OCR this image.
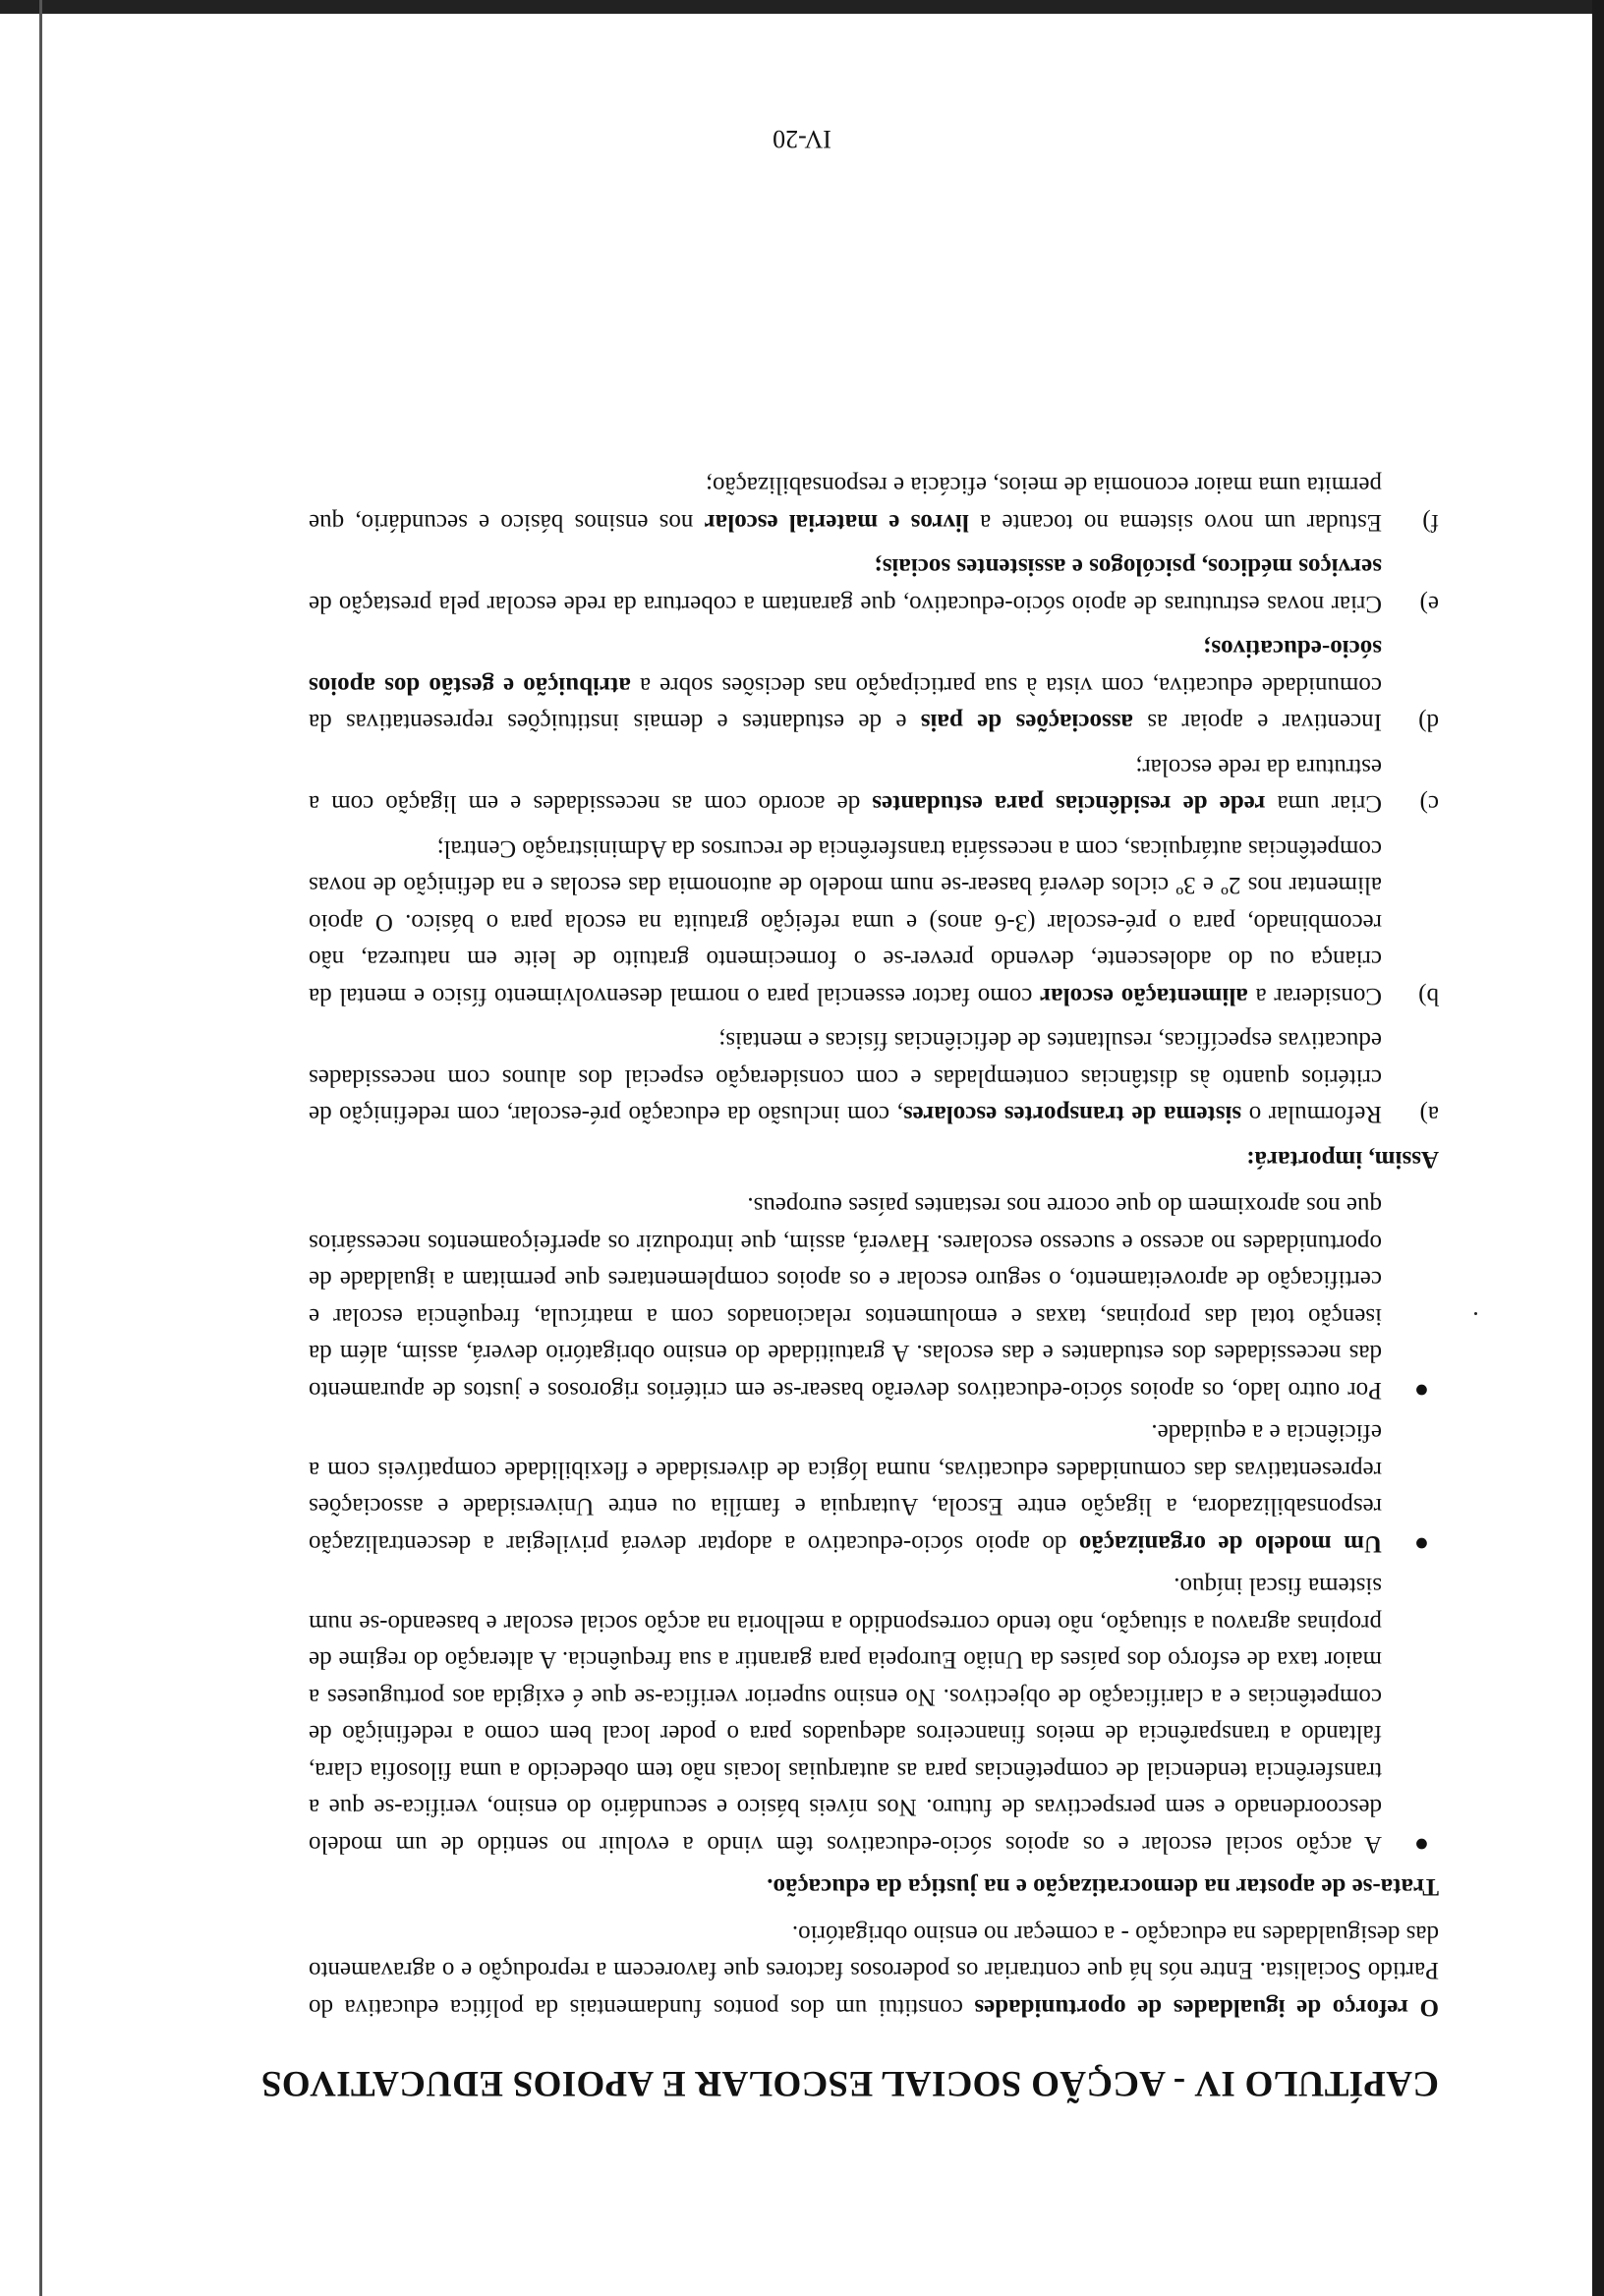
CAPÍTULO IV - ACÇÃO SOCIAL ESCOLAR E APOIOS EDUCATIVOS

O reforço de igualdades de oportunidades constitui um dos pontos fundamentais da política educativa do Partido Socialista. Entre nós há que contrariar os poderosos factores que favorecem a reprodução e o agravamento das desigualdades na educação - a começar no ensino obrigatório.

Trata-se de apostar na democratização e na justiça da educação.

●

A acção social escolar e os apoios sócio-educativos têm vindo a evoluir no sentido de um modelo descoordenado e sem perspectivas de futuro. Nos níveis básico e secundário do ensino, verifica-se que a transferência tendencial de competências para as autarquias locais não tem obedecido a uma filosofia clara, faltando a transparência de meios financeiros adequados para o poder local bem como a redefinição de competências e a clarificação de objectivos. No ensino superior verifica-se que é exigida aos portugueses a maior taxa de esforço dos países da União Europeia para garantir a sua frequência. A alteração do regime de propinas agravou a situação, não tendo correspondido a melhoria na acção social escolar e baseando-se num sistema fiscal iníquo.

●

Um modelo de organização do apoio sócio-educativo a adoptar deverá privilegiar a descentralização responsabilizadora, a ligação entre Escola, Autarquia e família ou entre Universidade e associações representativas das comunidades educativas, numa lógica de diversidade e flexibilidade compatíveis com a eficiência e a equidade.

●

Por outro lado, os apoios sócio-educativos deverão basear-se em critérios rigorosos e justos de apuramento das necessidades dos estudantes e das escolas. A gratuitidade do ensino obrigatório deverá, assim, além da isenção total das propinas, taxas e emolumentos relacionados com a matrícula, frequência escolar e certificação de aproveitamento, o seguro escolar e os apoios complementares que permitam a igualdade de oportunidades no acesso e sucesso escolares. Haverá, assim, que introduzir os aperfeiçoamentos necessários que nos aproximem do que ocorre nos restantes países europeus.

Assim, importará:

a)

Reformular o sistema de transportes escolares, com inclusão da educação pré-escolar, com redefinição de critérios quanto às distâncias contempladas e com consideração especial dos alunos com necessidades educativas específicas, resultantes de deficiências físicas e mentais;

b)

Considerar a alimentação escolar como factor essencial para o normal desenvolvimento físico e mental da criança ou do adolescente, devendo prever-se o fornecimento gratuito de leite em natureza, não recombinado, para o pré-escolar (3-6 anos) e uma refeição gratuita na escola para o básico. O apoio alimentar nos 2º e 3º ciclos deverá basear-se num modelo de autonomia das escolas e na definição de novas competências autárquicas, com a necessária transferência de recursos da Administração Central;

c)

Criar uma rede de residências para estudantes de acordo com as necessidades e em ligação com a estrutura da rede escolar;

d)

Incentivar e apoiar as associações de pais e de estudantes e demais instituições representativas da comunidade educativa, com vista à sua participação nas decisões sobre a atribuição e gestão dos apoios sócio-educativos;

e)

Criar novas estruturas de apoio sócio-educativo, que garantam a cobertura da rede escolar pela prestação de serviços médicos, psicólogos e assistentes sociais;

f)

Estudar um novo sistema no tocante a livros e material escolar nos ensinos básico e secundário, que permita uma maior economia de meios, eficácia e responsabilização;

IV-20
